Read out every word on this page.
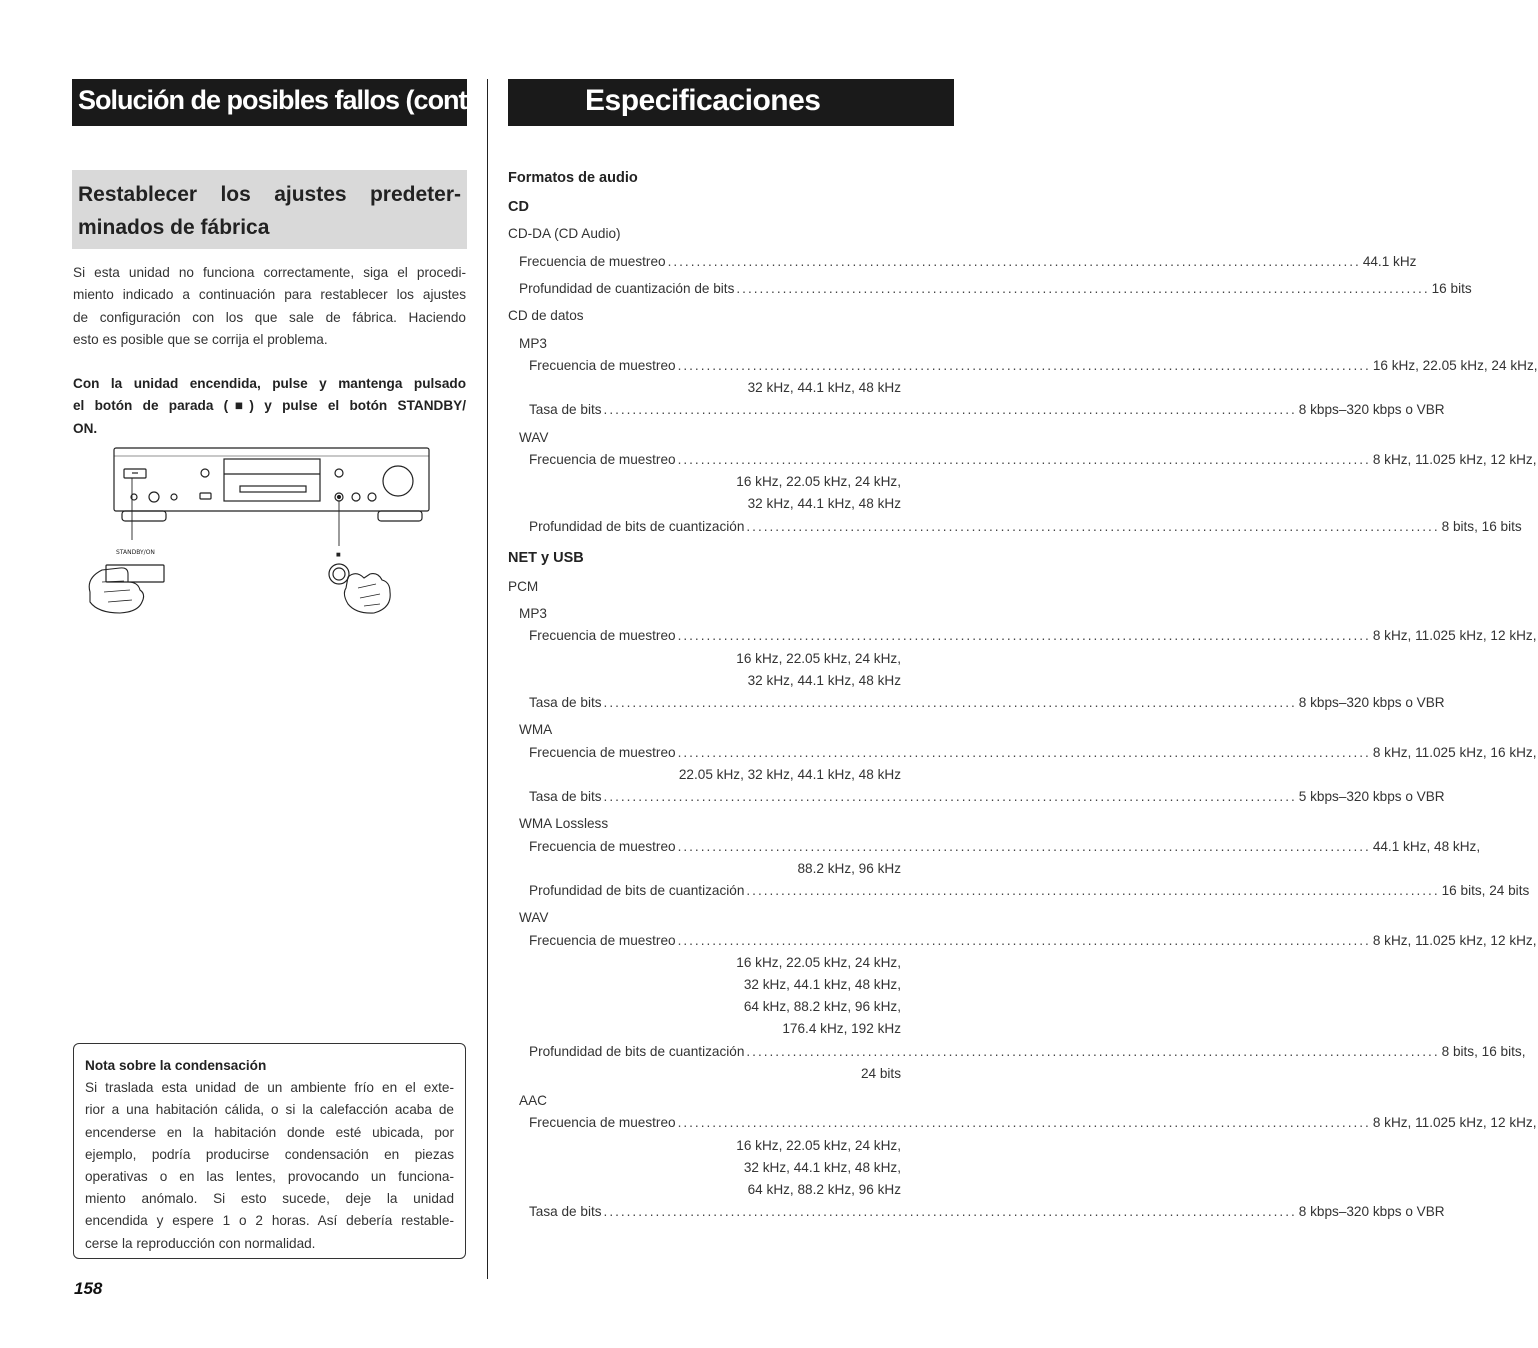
Solución de posibles fallos (cont.)
Restablecer los ajustes predeter-
minados de fábrica
Si esta unidad no funciona correctamente, siga el procedi-
miento indicado a continuación para restablecer los ajustes
de configuración con los que sale de fábrica. Haciendo
esto es posible que se corrija el problema.
Con la unidad encendida, pulse y mantenga pulsado
el botón de parada (■) y pulse el botón STANDBY/
ON.
STANDBY/ON	■
Nota sobre la condensación
Si traslada esta unidad de un ambiente frío en el exte-
rior a una habitación cálida, o si la calefacción acaba de
encenderse en la habitación donde esté ubicada, por
ejemplo, podría producirse condensación en piezas
operativas o en las lentes, provocando un funciona-
miento anómalo. Si esto sucede, deje la unidad
encendida y espere 1 o 2 horas. Así debería restable-
cerse la reproducción con normalidad.
158
Especificaciones
Formatos de audio
CD
CD-DA (CD Audio)
Frecuencia de muestreo ........................................................................................................................ 44.1 kHz
Profundidad de cuantización de bits ........................................................................................................................ 16 bits
CD de datos
MP3
Frecuencia de muestreo ........................................................................................................................ 16 kHz, 22.05 kHz, 24 kHz,
32 kHz, 44.1 kHz, 48 kHz
Tasa de bits ........................................................................................................................ 8 kbps–320 kbps o VBR
WAV
Frecuencia de muestreo ........................................................................................................................ 8 kHz, 11.025 kHz, 12 kHz,
16 kHz, 22.05 kHz, 24 kHz,
32 kHz, 44.1 kHz, 48 kHz
Profundidad de bits de cuantización ........................................................................................................................ 8 bits, 16 bits
NET y USB
PCM
MP3
Frecuencia de muestreo ........................................................................................................................ 8 kHz, 11.025 kHz, 12 kHz,
16 kHz, 22.05 kHz, 24 kHz,
32 kHz, 44.1 kHz, 48 kHz
Tasa de bits ........................................................................................................................ 8 kbps–320 kbps o VBR
WMA
Frecuencia de muestreo ........................................................................................................................ 8 kHz, 11.025 kHz, 16 kHz,
22.05 kHz, 32 kHz, 44.1 kHz, 48 kHz
Tasa de bits ........................................................................................................................ 5 kbps–320 kbps o VBR
WMA Lossless
Frecuencia de muestreo ........................................................................................................................ 44.1 kHz, 48 kHz,
88.2 kHz, 96 kHz
Profundidad de bits de cuantización ........................................................................................................................ 16 bits, 24 bits
WAV
Frecuencia de muestreo ........................................................................................................................ 8 kHz, 11.025 kHz, 12 kHz,
16 kHz, 22.05 kHz, 24 kHz,
32 kHz, 44.1 kHz, 48 kHz,
64 kHz, 88.2 kHz, 96 kHz,
176.4 kHz, 192 kHz
Profundidad de bits de cuantización ........................................................................................................................ 8 bits, 16 bits,
24 bits
AAC
Frecuencia de muestreo ........................................................................................................................ 8 kHz, 11.025 kHz, 12 kHz,
16 kHz, 22.05 kHz, 24 kHz,
32 kHz, 44.1 kHz, 48 kHz,
64 kHz, 88.2 kHz, 96 kHz
Tasa de bits ........................................................................................................................ 8 kbps–320 kbps o VBR
